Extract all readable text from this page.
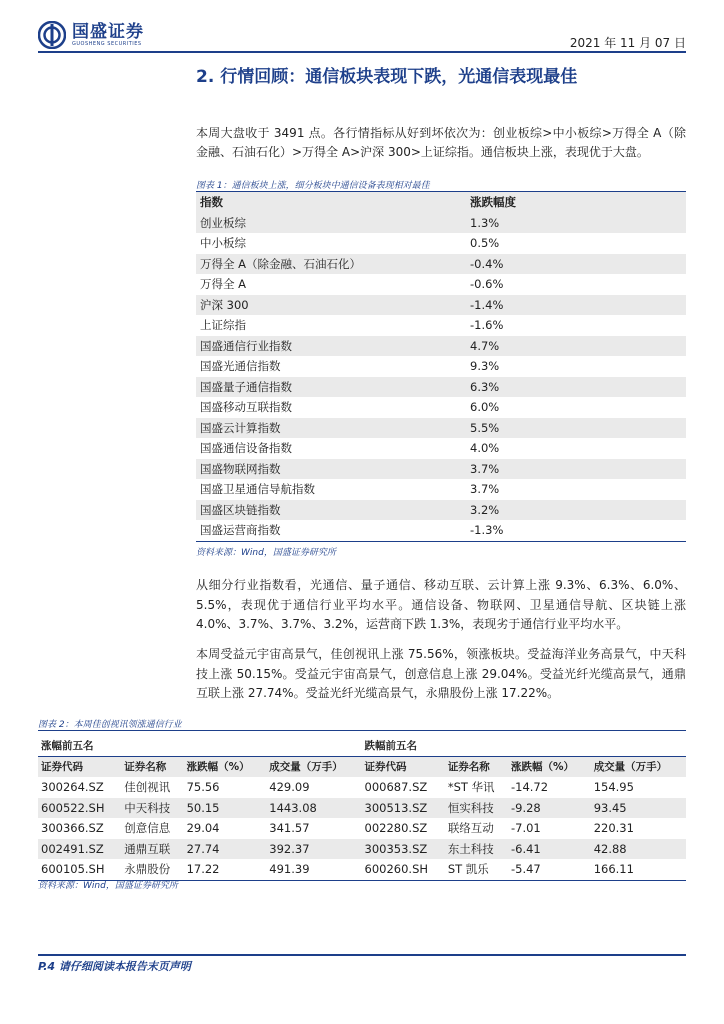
国盛证券
GUOSHENG SECURITIES	2021 年 11 月 07 日
2. 行情回顾：通信板块表现下跌，光通信表现最佳
本周大盘收于 3491 点。各行情指标从好到坏依次为：创业板综>中小板综>万得全 A（除金融、石油石化）>万得全 A>沪深 300>上证综指。通信板块上涨，表现优于大盘。
图表 1：通信板块上涨，细分板块中通信设备表现相对最佳
指数	涨跌幅度
创业板综	1.3%
中小板综	0.5%
万得全 A（除金融、石油石化）	-0.4%
万得全 A	-0.6%
沪深 300	-1.4%
上证综指	-1.6%
国盛通信行业指数	4.7%
国盛光通信指数	9.3%
国盛量子通信指数	6.3%
国盛移动互联指数	6.0%
国盛云计算指数	5.5%
国盛通信设备指数	4.0%
国盛物联网指数	3.7%
国盛卫星通信导航指数	3.7%
国盛区块链指数	3.2%
国盛运营商指数	-1.3%
资料来源：Wind，国盛证券研究所
从细分行业指数看，光通信、量子通信、移动互联、云计算上涨 9.3%、6.3%、6.0%、5.5%，表现优于通信行业平均水平。通信设备、物联网、卫星通信导航、区块链上涨 4.0%、3.7%、3.7%、3.2%，运营商下跌 1.3%，表现劣于通信行业平均水平。
本周受益元宇宙高景气，佳创视讯上涨 75.56%，领涨板块。受益海洋业务高景气，中天科技上涨 50.15%。受益元宇宙高景气，创意信息上涨 29.04%。受益光纤光缆高景气，通鼎互联上涨 27.74%。受益光纤光缆高景气，永鼎股份上涨 17.22%。
图表 2：本周佳创视讯领涨通信行业
涨幅前五名				跌幅前五名			
证券代码	证券名称	涨跌幅（%）	成交量（万手）	证券代码	证券名称	涨跌幅（%）	成交量（万手）
300264.SZ	佳创视讯	75.56	429.09	000687.SZ	*ST 华讯	-14.72	154.95
600522.SH	中天科技	50.15	1443.08	300513.SZ	恒实科技	-9.28	93.45
300366.SZ	创意信息	29.04	341.57	002280.SZ	联络互动	-7.01	220.31
002491.SZ	通鼎互联	27.74	392.37	300353.SZ	东土科技	-6.41	42.88
600105.SH	永鼎股份	17.22	491.39	600260.SH	ST 凯乐	-5.47	166.11
资料来源：Wind，国盛证券研究所
P.4 请仔细阅读本报告末页声明
